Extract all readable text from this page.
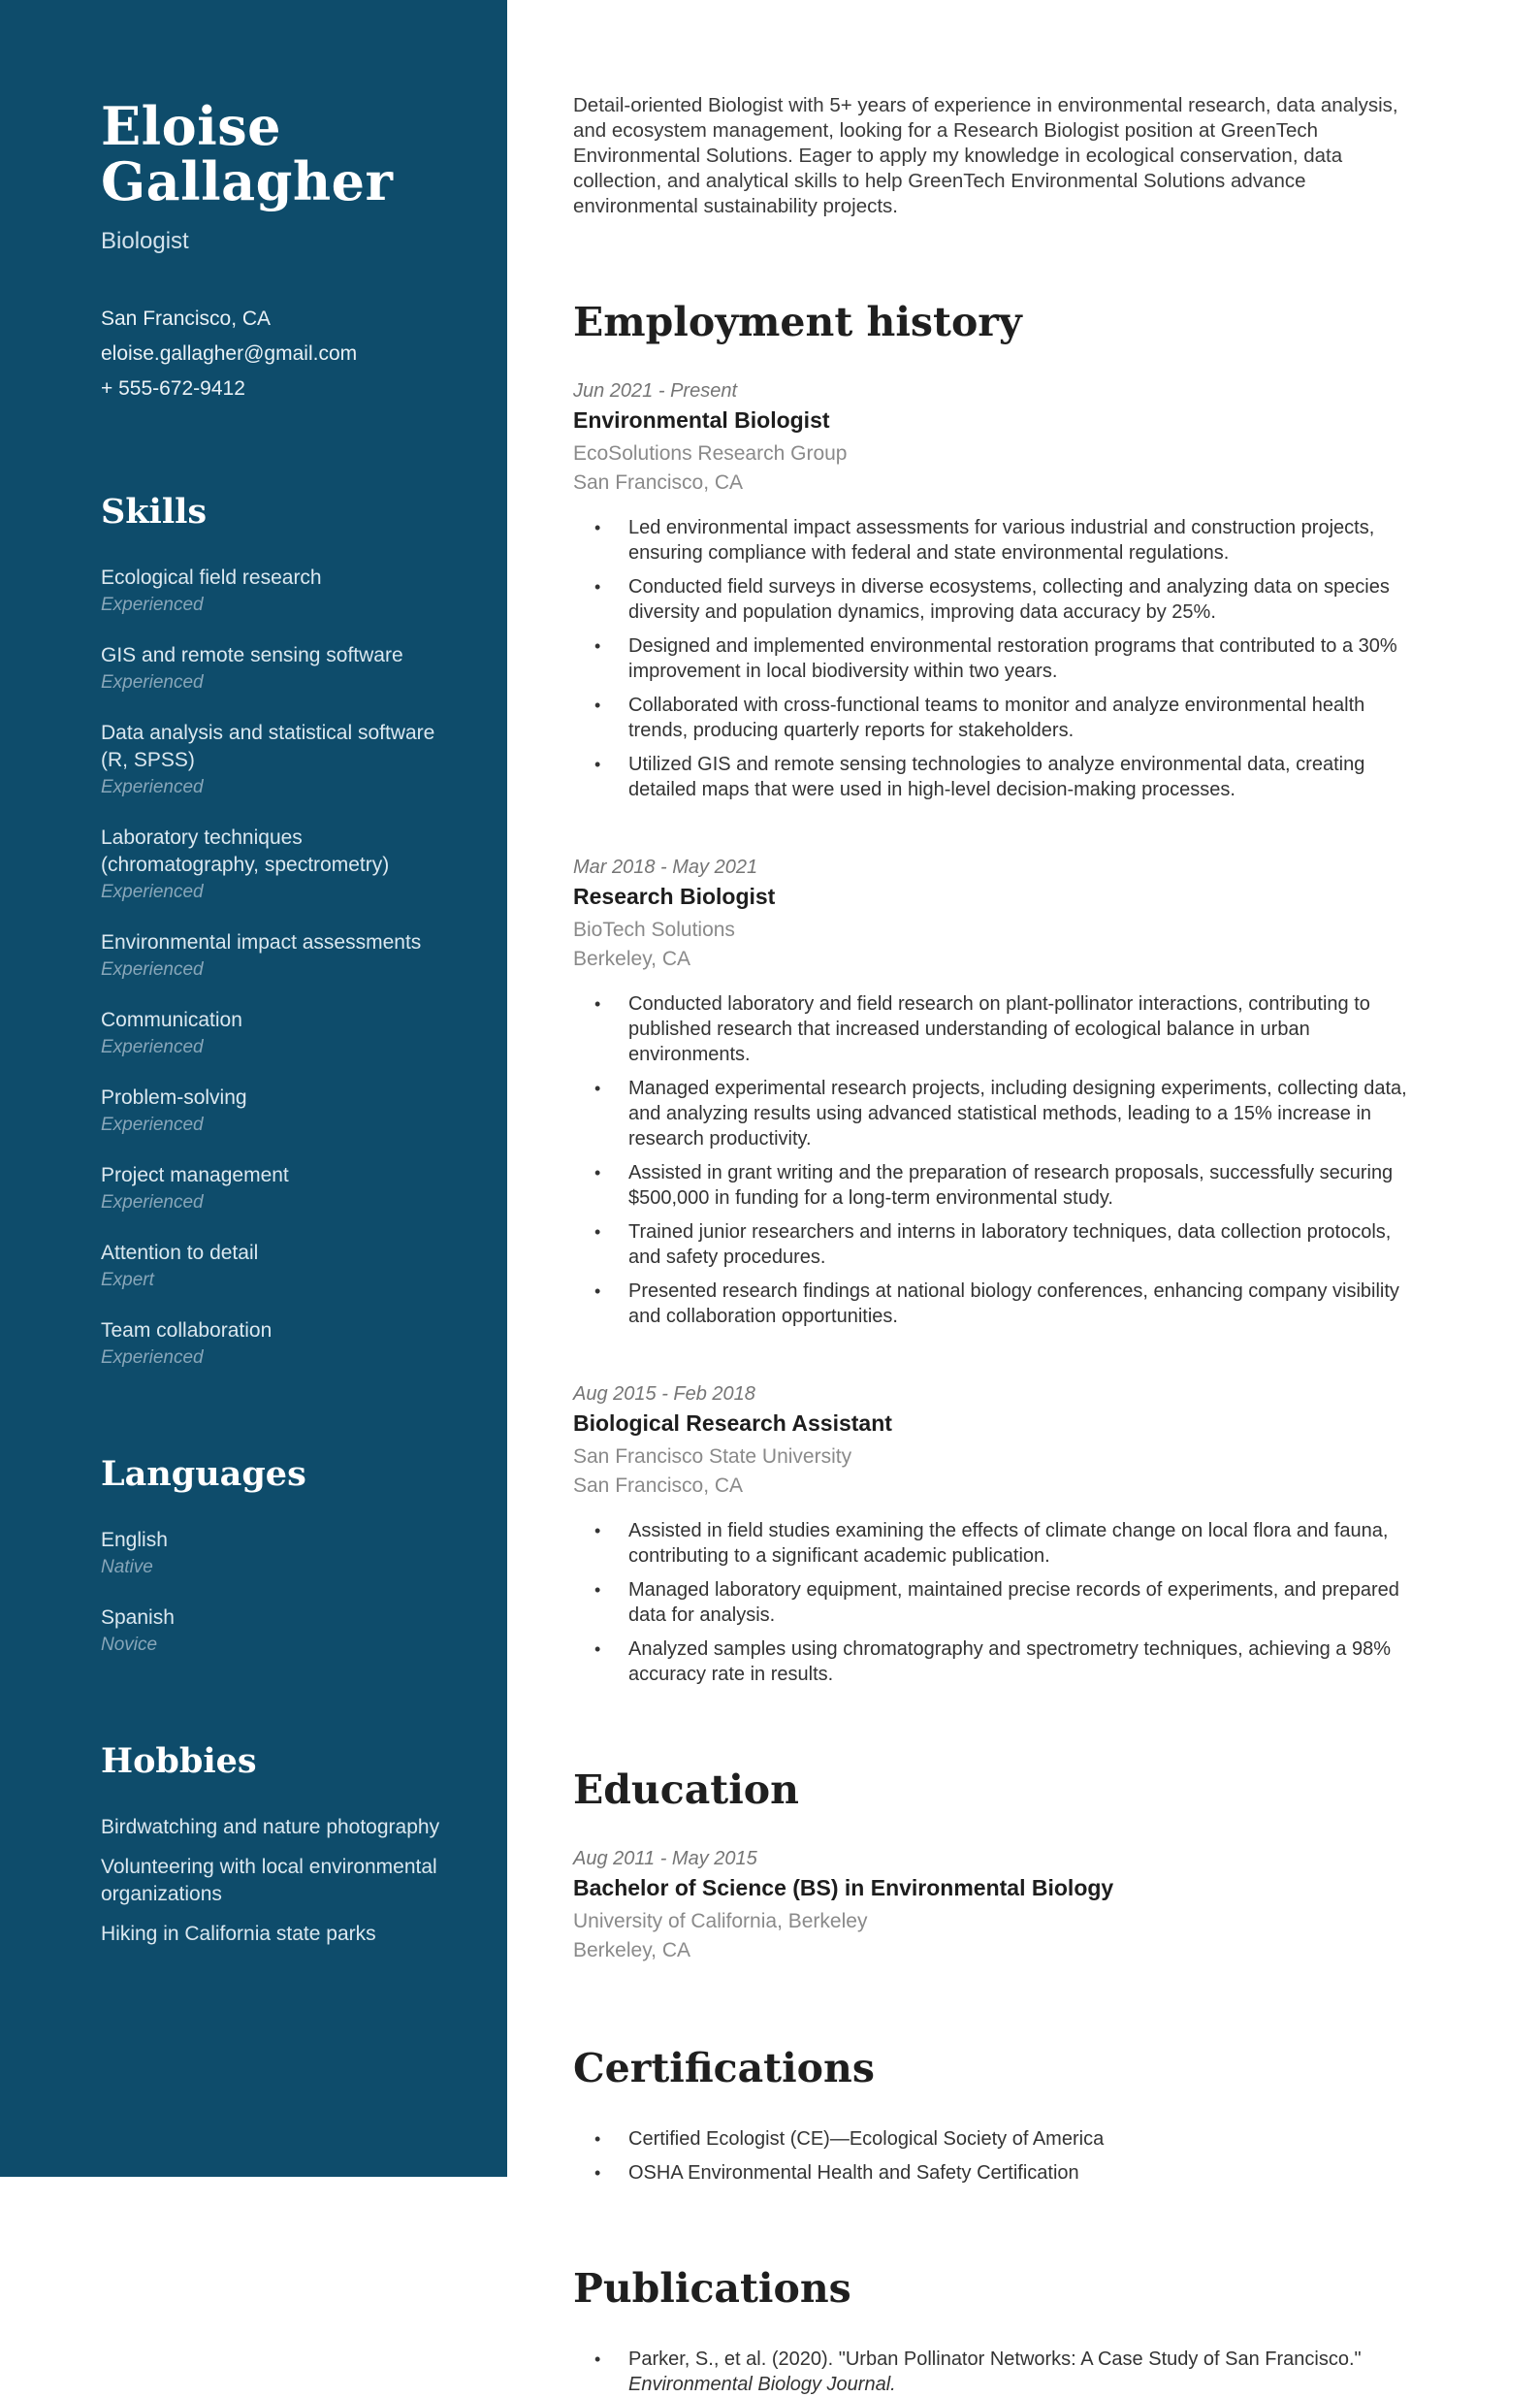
Eloise Gallagher
Biologist
San Francisco, CA
eloise.gallagher@gmail.com
+ 555-672-9412
Skills
Ecological field research
Experienced
GIS and remote sensing software
Experienced
Data analysis and statistical software (R, SPSS)
Experienced
Laboratory techniques (chromatography, spectrometry)
Experienced
Environmental impact assessments
Experienced
Communication
Experienced
Problem-solving
Experienced
Project management
Experienced
Attention to detail
Expert
Team collaboration
Experienced
Languages
English
Native
Spanish
Novice
Hobbies
Birdwatching and nature photography
Volunteering with local environmental organizations
Hiking in California state parks

Detail-oriented Biologist with 5+ years of experience in environmental research, data analysis, and ecosystem management, looking for a Research Biologist position at GreenTech Environmental Solutions. Eager to apply my knowledge in ecological conservation, data collection, and analytical skills to help GreenTech Environmental Solutions advance environmental sustainability projects.

Employment history
Jun 2021 - Present
Environmental Biologist
EcoSolutions Research Group
San Francisco, CA
• Led environmental impact assessments for various industrial and construction projects, ensuring compliance with federal and state environmental regulations.
• Conducted field surveys in diverse ecosystems, collecting and analyzing data on species diversity and population dynamics, improving data accuracy by 25%.
• Designed and implemented environmental restoration programs that contributed to a 30% improvement in local biodiversity within two years.
• Collaborated with cross-functional teams to monitor and analyze environmental health trends, producing quarterly reports for stakeholders.
• Utilized GIS and remote sensing technologies to analyze environmental data, creating detailed maps that were used in high-level decision-making processes.
Mar 2018 - May 2021
Research Biologist
BioTech Solutions
Berkeley, CA
• Conducted laboratory and field research on plant-pollinator interactions, contributing to published research that increased understanding of ecological balance in urban environments.
• Managed experimental research projects, including designing experiments, collecting data, and analyzing results using advanced statistical methods, leading to a 15% increase in research productivity.
• Assisted in grant writing and the preparation of research proposals, successfully securing $500,000 in funding for a long-term environmental study.
• Trained junior researchers and interns in laboratory techniques, data collection protocols, and safety procedures.
• Presented research findings at national biology conferences, enhancing company visibility and collaboration opportunities.
Aug 2015 - Feb 2018
Biological Research Assistant
San Francisco State University
San Francisco, CA
• Assisted in field studies examining the effects of climate change on local flora and fauna, contributing to a significant academic publication.
• Managed laboratory equipment, maintained precise records of experiments, and prepared data for analysis.
• Analyzed samples using chromatography and spectrometry techniques, achieving a 98% accuracy rate in results.
Education
Aug 2011 - May 2015
Bachelor of Science (BS) in Environmental Biology
University of California, Berkeley
Berkeley, CA
Certifications
• Certified Ecologist (CE)—Ecological Society of America
• OSHA Environmental Health and Safety Certification
Publications
• Parker, S., et al. (2020). "Urban Pollinator Networks: A Case Study of San Francisco." Environmental Biology Journal.
